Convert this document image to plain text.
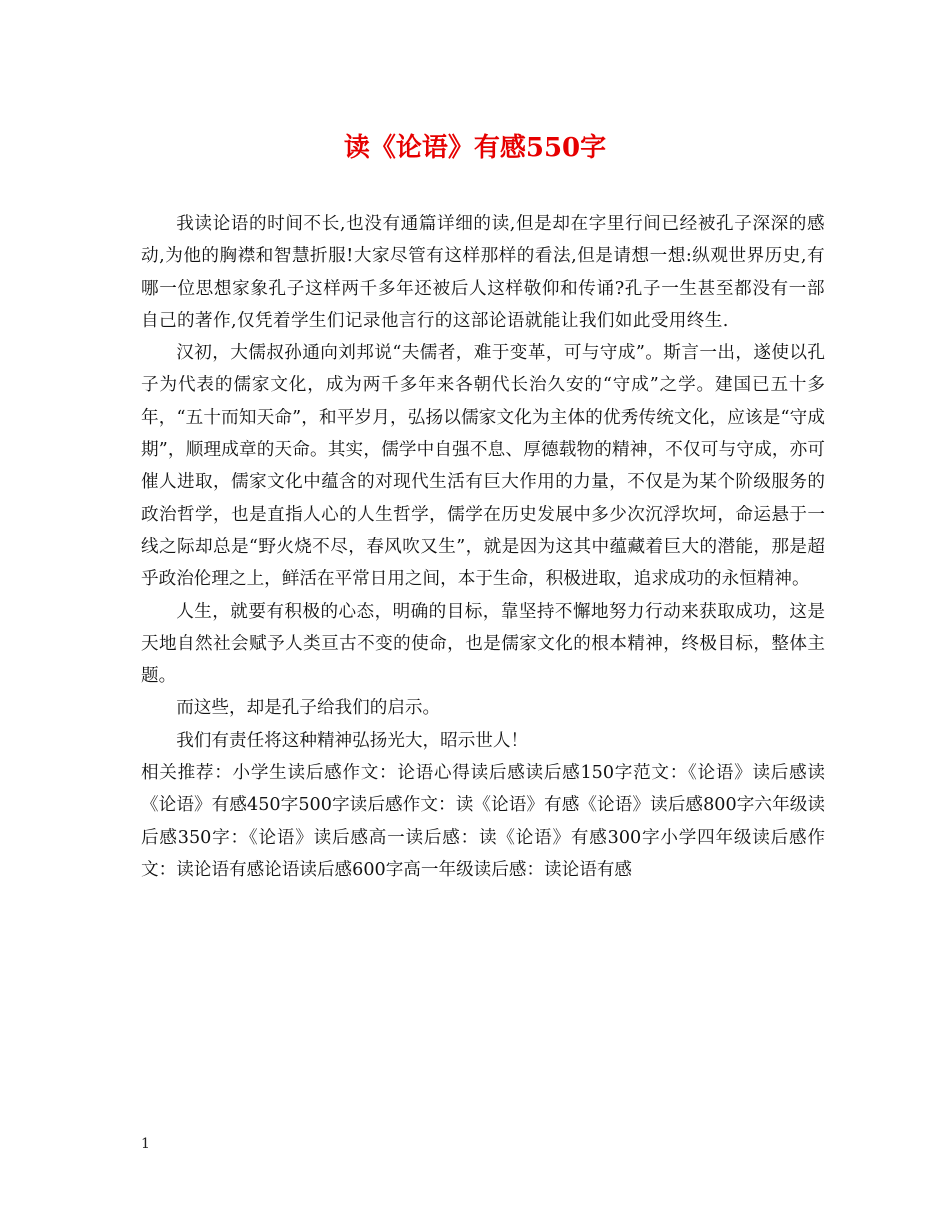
读《论语》有感550字

我读论语的时间不长,也没有通篇详细的读,但是却在字里行间已经被孔子深深的感动,为他的胸襟和智慧折服!大家尽管有这样那样的看法,但是请想一想:纵观世界历史,有哪一位思想家象孔子这样两千多年还被后人这样敬仰和传诵?孔子一生甚至都没有一部自己的著作,仅凭着学生们记录他言行的这部论语就能让我们如此受用终生.

汉初，大儒叔孙通向刘邦说“夫儒者，难于变革，可与守成”。斯言一出，遂使以孔子为代表的儒家文化，成为两千多年来各朝代长治久安的“守成”之学。建国已五十多年，“五十而知天命”，和平岁月，弘扬以儒家文化为主体的优秀传统文化，应该是“守成期”，顺理成章的天命。其实，儒学中自强不息、厚德载物的精神，不仅可与守成，亦可催人进取，儒家文化中蕴含的对现代生活有巨大作用的力量，不仅是为某个阶级服务的政治哲学，也是直指人心的人生哲学，儒学在历史发展中多少次沉浮坎坷，命运悬于一线之际却总是“野火烧不尽，春风吹又生”，就是因为这其中蕴藏着巨大的潜能，那是超乎政治伦理之上，鲜活在平常日用之间，本于生命，积极进取，追求成功的永恒精神。

人生，就要有积极的心态，明确的目标，靠坚持不懈地努力行动来获取成功，这是天地自然社会赋予人类亘古不变的使命，也是儒家文化的根本精神，终极目标，整体主题。

而这些，却是孔子给我们的启示。

我们有责任将这种精神弘扬光大，昭示世人！

相关推荐：小学生读后感作文：论语心得读后感读后感150字范文：《论语》读后感读《论语》有感450字500字读后感作文：读《论语》有感《论语》读后感800字六年级读后感350字：《论语》读后感高一读后感：读《论语》有感300字小学四年级读后感作文：读论语有感论语读后感600字高一年级读后感：读论语有感

1
